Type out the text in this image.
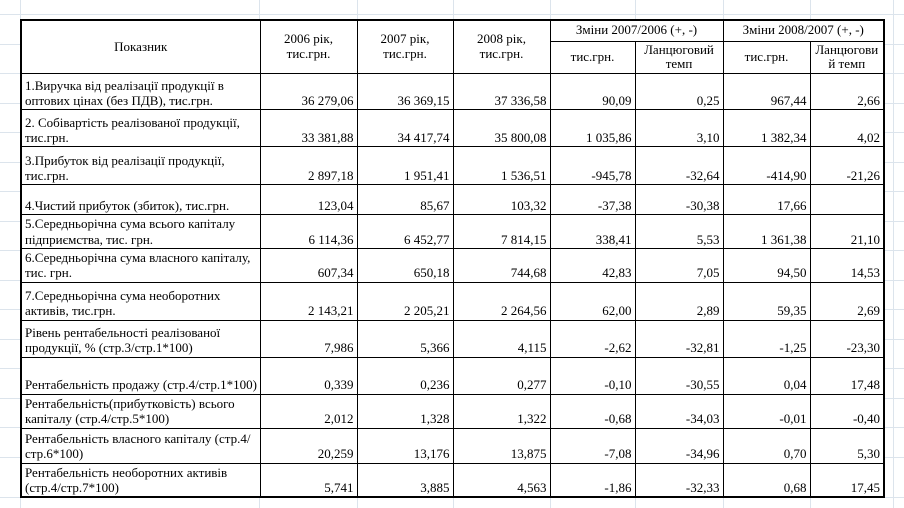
Показник	2006 рік, тис.грн.	2007 рік, тис.грн.	2008 рік, тис.грн.	Зміни 2007/2006 (+, -)		Зміни 2008/2007 (+, -)	
				тис.грн.	Ланцюговий темп	тис.грн.	Ланцюгови й темп
1.Виручка від реалізації продукції в оптових цінах (без ПДВ), тис.грн.	36 279,06	36 369,15	37 336,58	90,09	0,25	967,44	2,66
2. Собівартість реалізованої продукції, тис.грн.	33 381,88	34 417,74	35 800,08	1 035,86	3,10	1 382,34	4,02
3.Прибуток від реалізації продукції, тис.грн.	2 897,18	1 951,41	1 536,51	-945,78	-32,64	-414,90	-21,26
4.Чистий прибуток (збиток), тис.грн.	123,04	85,67	103,32	-37,38	-30,38	17,66	
5.Середньорічна сума всього капіталу підприємства, тис. грн.	6 114,36	6 452,77	7 814,15	338,41	5,53	1 361,38	21,10
6.Середньорічна сума власного капіталу, тис. грн.	607,34	650,18	744,68	42,83	7,05	94,50	14,53
7.Середньорічна сума необоротних активів, тис.грн.	2 143,21	2 205,21	2 264,56	62,00	2,89	59,35	2,69
Рівень рентабельності реалізованої продукції, % (стр.3/стр.1*100)	7,986	5,366	4,115	-2,62	-32,81	-1,25	-23,30
Рентабельність продажу (стр.4/стр.1*100)	0,339	0,236	0,277	-0,10	-30,55	0,04	17,48
Рентабельність(прибутковість) всього капіталу (стр.4/стр.5*100)	2,012	1,328	1,322	-0,68	-34,03	-0,01	-0,40
Рентабельність власного капіталу (стр.4/стр.6*100)	20,259	13,176	13,875	-7,08	-34,96	0,70	5,30
Рентабельність необоротних активів (стр.4/стр.7*100)	5,741	3,885	4,563	-1,86	-32,33	0,68	17,45
